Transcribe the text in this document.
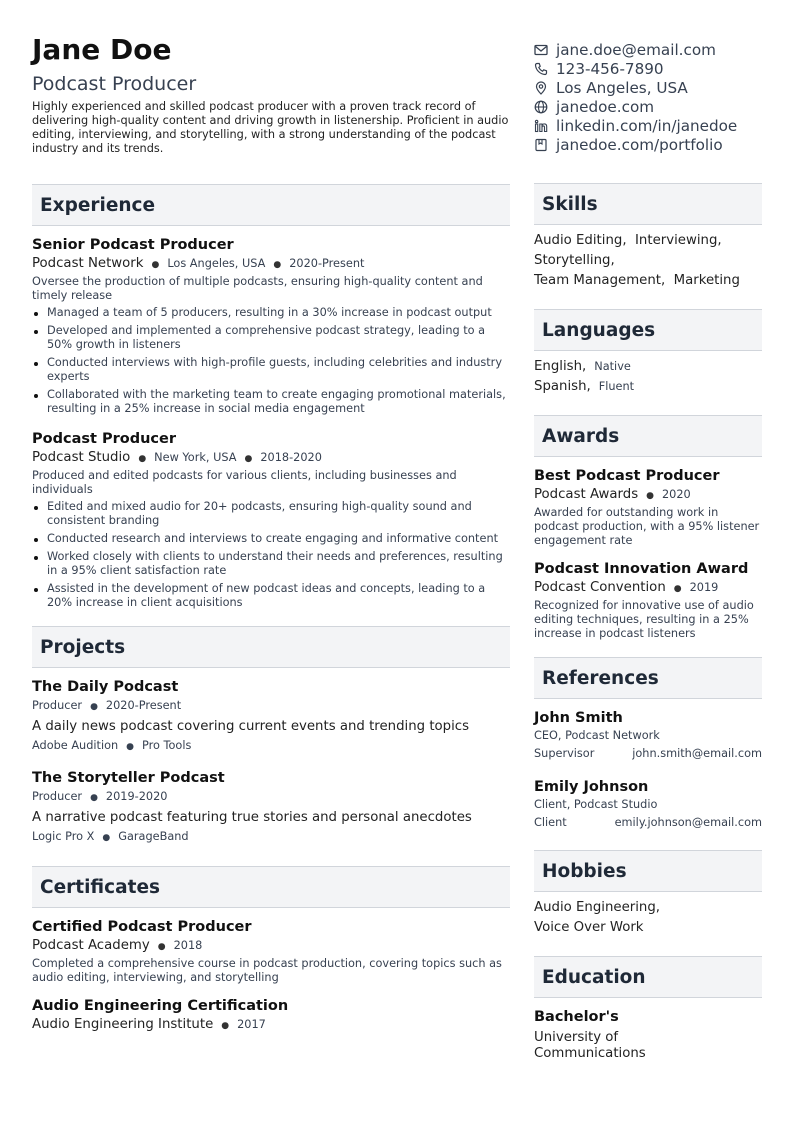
Jane Doe
Podcast Producer
Highly experienced and skilled podcast producer with a proven track record of delivering high-quality content and driving growth in listenership. Proficient in audio editing, interviewing, and storytelling, with a strong understanding of the podcast industry and its trends.
Experience
Senior Podcast Producer
Podcast Network ● Los Angeles, USA ● 2020-Present
Oversee the production of multiple podcasts, ensuring high-quality content and timely release
Managed a team of 5 producers, resulting in a 30% increase in podcast output
Developed and implemented a comprehensive podcast strategy, leading to a 50% growth in listeners
Conducted interviews with high-profile guests, including celebrities and industry experts
Collaborated with the marketing team to create engaging promotional materials, resulting in a 25% increase in social media engagement
Podcast Producer
Podcast Studio ● New York, USA ● 2018-2020
Produced and edited podcasts for various clients, including businesses and individuals
Edited and mixed audio for 20+ podcasts, ensuring high-quality sound and consistent branding
Conducted research and interviews to create engaging and informative content
Worked closely with clients to understand their needs and preferences, resulting in a 95% client satisfaction rate
Assisted in the development of new podcast ideas and concepts, leading to a 20% increase in client acquisitions
Projects
The Daily Podcast
Producer ● 2020-Present
A daily news podcast covering current events and trending topics
Adobe Audition ● Pro Tools
The Storyteller Podcast
Producer ● 2019-2020
A narrative podcast featuring true stories and personal anecdotes
Logic Pro X ● GarageBand
Certificates
Certified Podcast Producer
Podcast Academy ● 2018
Completed a comprehensive course in podcast production, covering topics such as audio editing, interviewing, and storytelling
Audio Engineering Certification
Audio Engineering Institute ● 2017
jane.doe@email.com
123-456-7890
Los Angeles, USA
janedoe.com
linkedin.com/in/janedoe
janedoe.com/portfolio
Skills
Audio Editing,  Interviewing,
Storytelling,
Team Management,  Marketing
Languages
English, Native
Spanish, Fluent
Awards
Best Podcast Producer
Podcast Awards ● 2020
Awarded for outstanding work in podcast production, with a 95% listener engagement rate
Podcast Innovation Award
Podcast Convention ● 2019
Recognized for innovative use of audio editing techniques, resulting in a 25% increase in podcast listeners
References
John Smith
CEO, Podcast Network
Supervisor	john.smith@email.com
Emily Johnson
Client, Podcast Studio
Client	emily.johnson@email.com
Hobbies
Audio Engineering,
Voice Over Work
Education
Bachelor's
University of Communications
